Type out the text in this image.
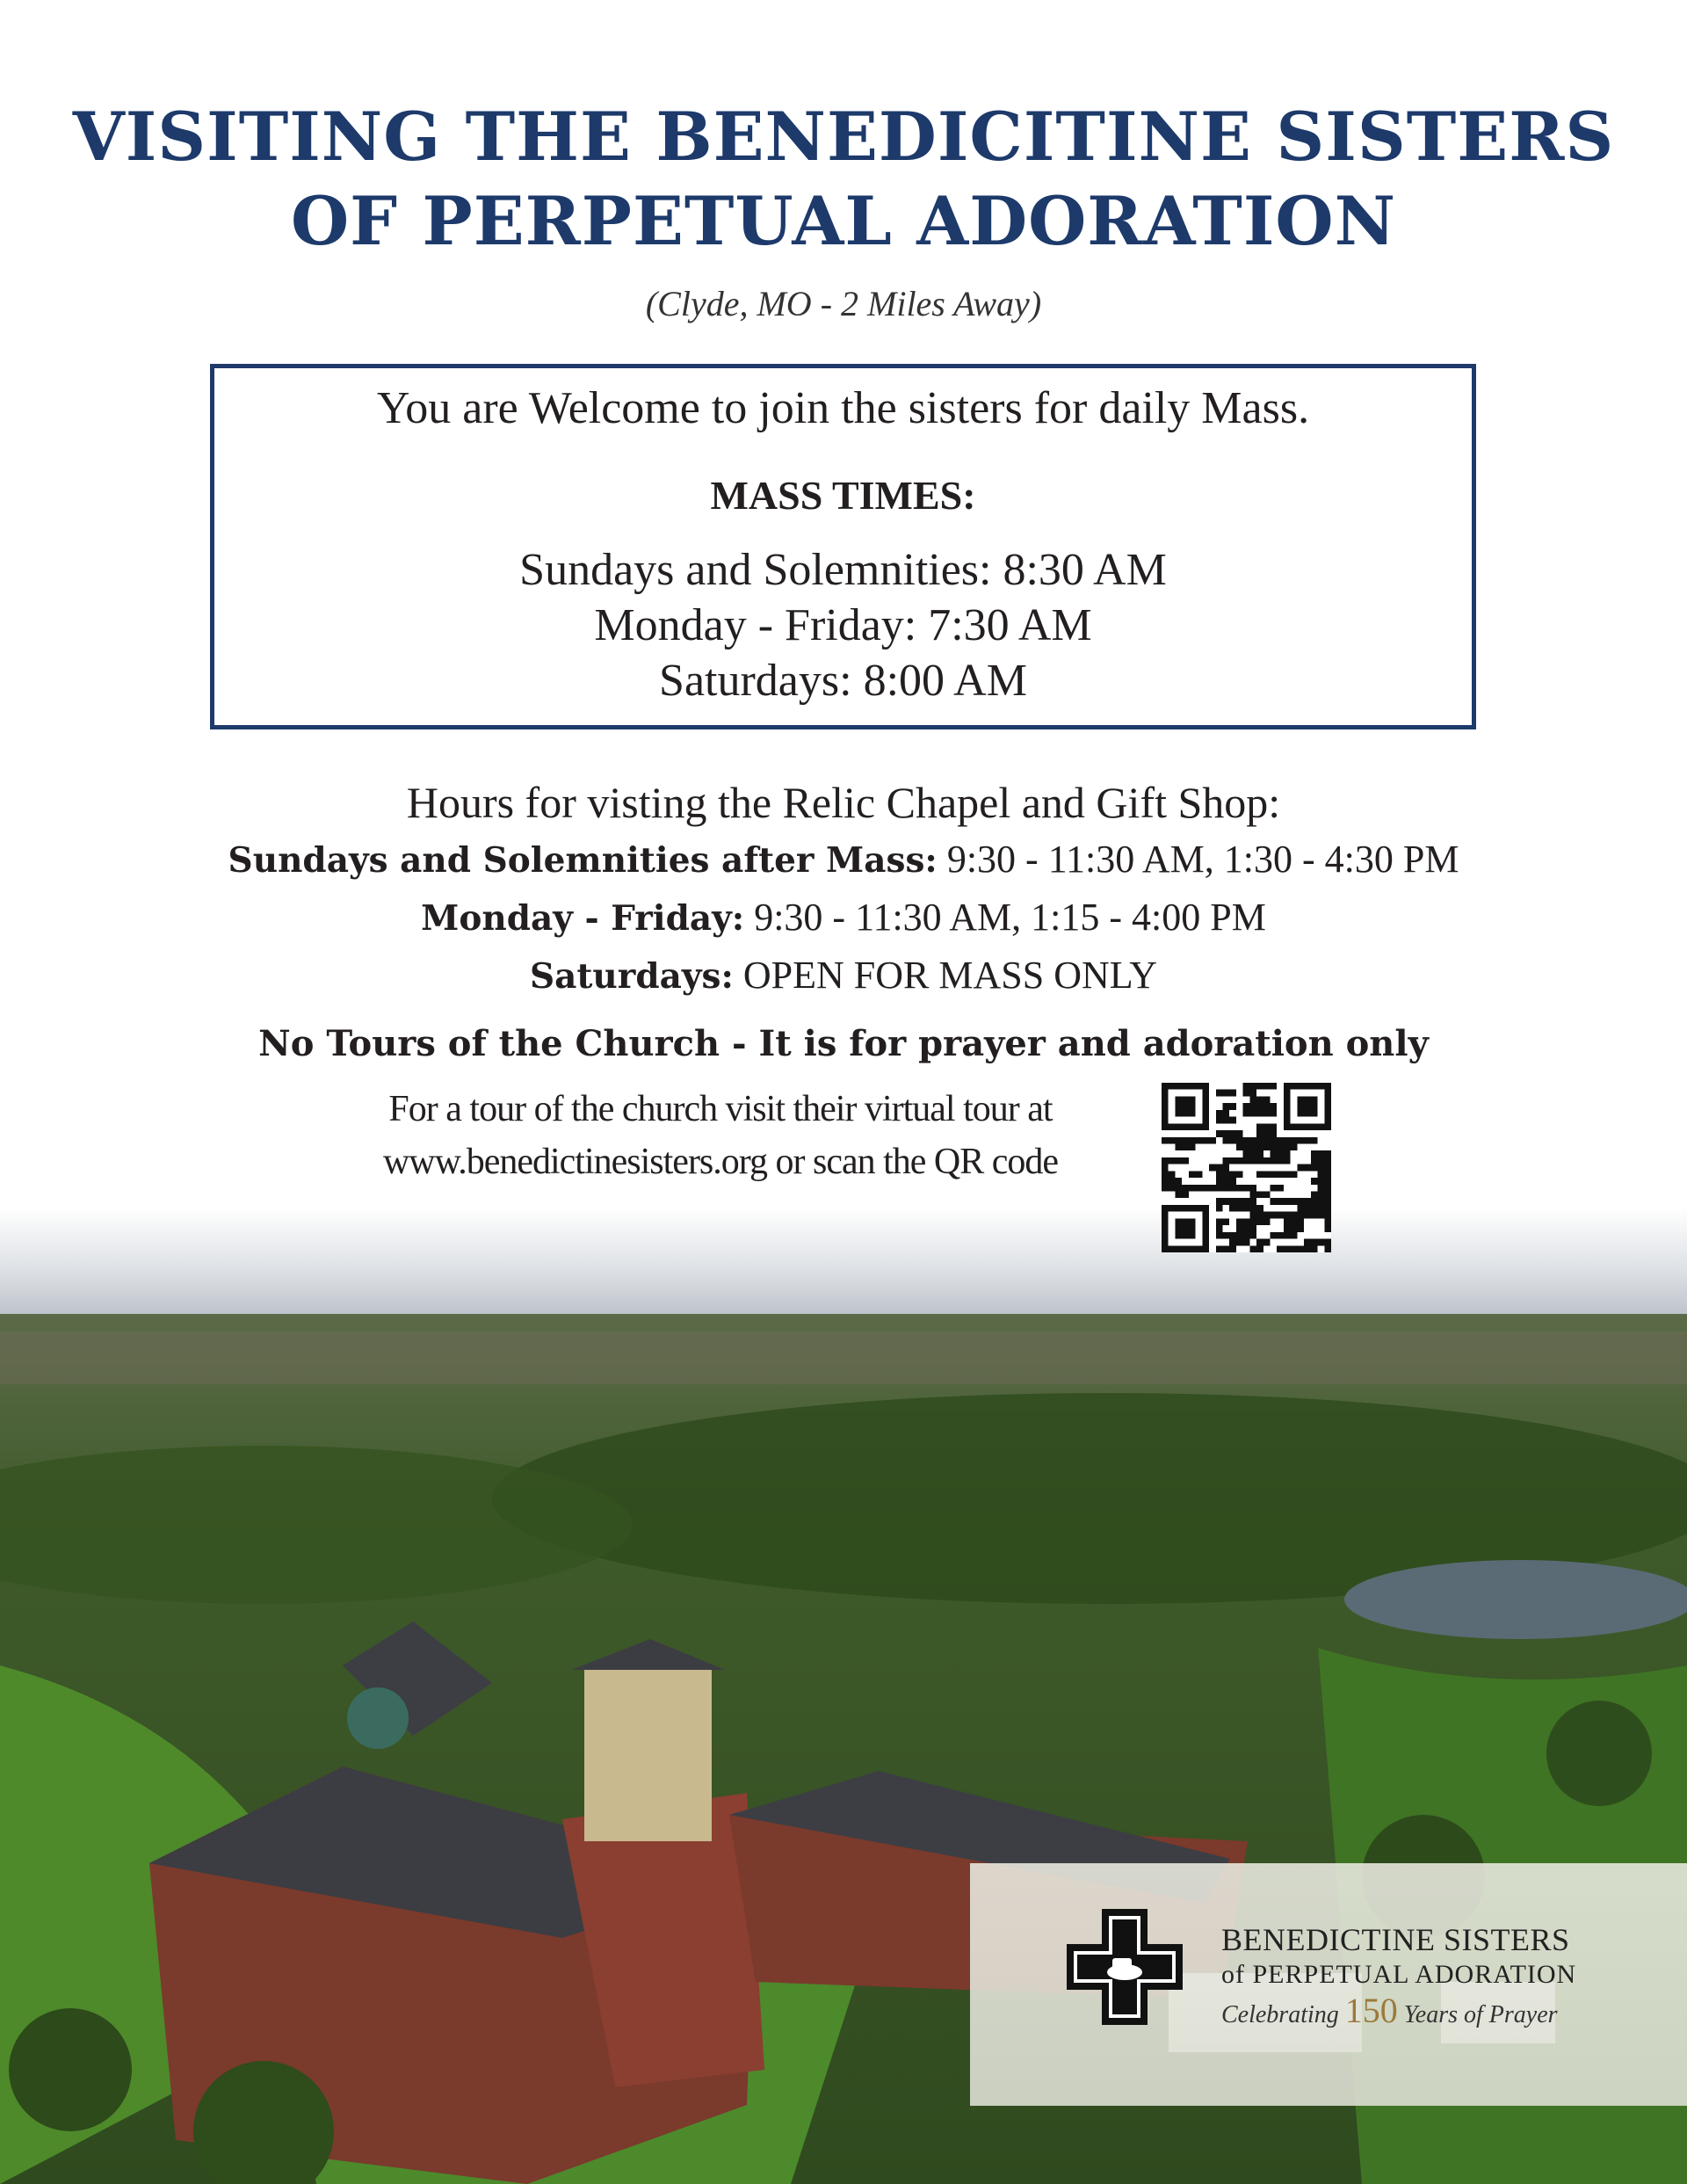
VISITING THE BENEDICITINE SISTERS
OF PERPETUAL ADORATION
(Clyde, MO - 2 Miles Away)
You are Welcome to join the sisters for daily Mass.
MASS TIMES:
Sundays and Solemnities: 8:30 AM
Monday - Friday: 7:30 AM
Saturdays: 8:00 AM
Hours for visting the Relic Chapel and Gift Shop:
Sundays and Solemnities after Mass: 9:30 - 11:30 AM, 1:30 - 4:30 PM
Monday - Friday: 9:30 - 11:30 AM, 1:15 - 4:00 PM
Saturdays: OPEN FOR MASS ONLY
No Tours of the Church - It is for prayer and adoration only
For a tour of the church visit their virtual tour at
www.benedictinesisters.org or scan the QR code
BENEDICTINE SISTERS
of PERPETUAL ADORATION
Celebrating 150 Years of Prayer
